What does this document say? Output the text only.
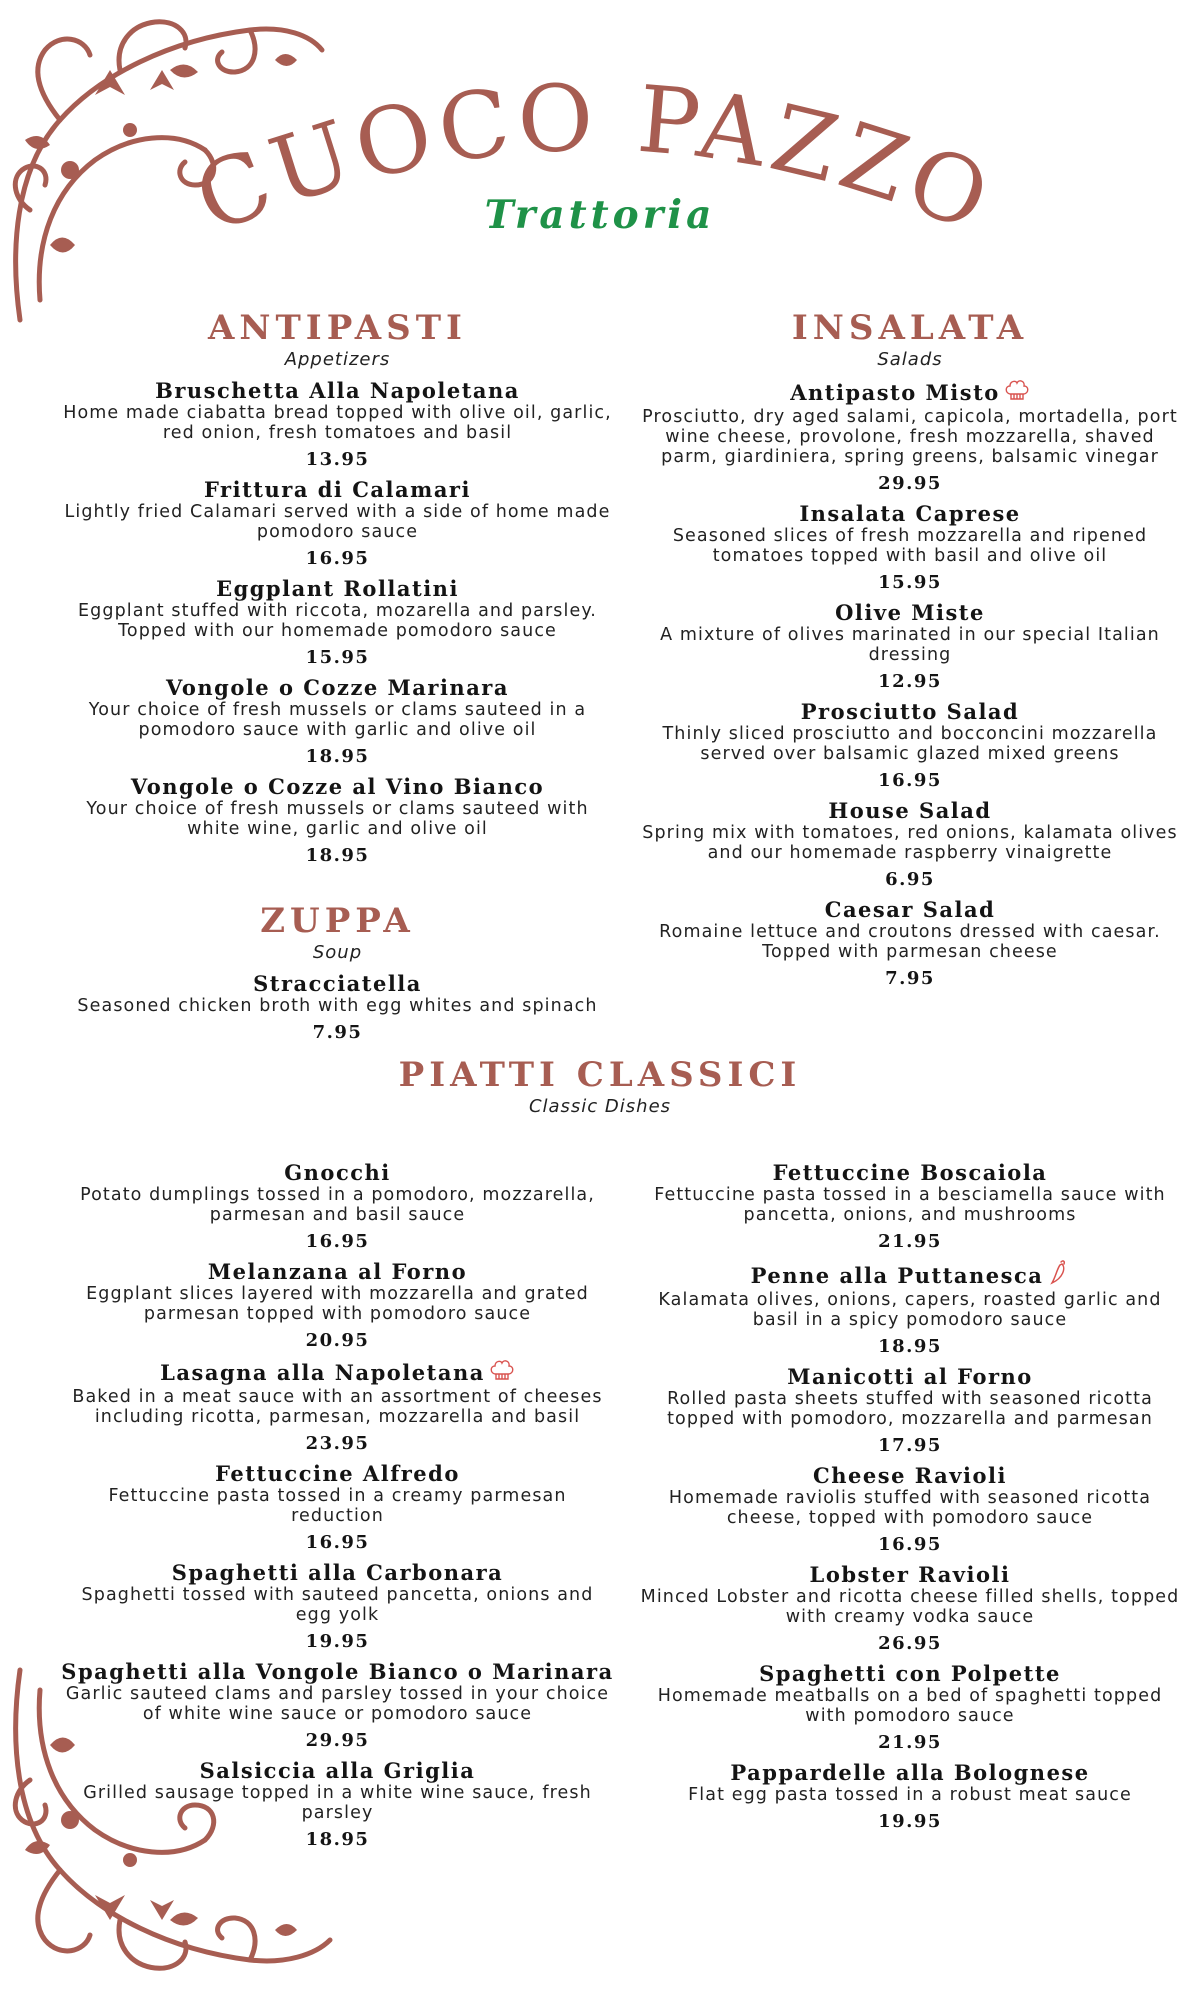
CUOCO PAZZO
Trattoria
ANTIPASTI
Appetizers
Bruschetta Alla Napoletana
Home made ciabatta bread topped with olive oil, garlic, red onion, fresh tomatoes and basil
13.95
Frittura di Calamari
Lightly fried Calamari served with a side of home made pomodoro sauce
16.95
Eggplant Rollatini
Eggplant stuffed with riccota, mozarella and parsley. Topped with our homemade pomodoro sauce
15.95
Vongole o Cozze Marinara
Your choice of fresh mussels or clams sauteed in a pomodoro sauce with garlic and olive oil
18.95
Vongole o Cozze al Vino Bianco
Your choice of fresh mussels or clams sauteed with white wine, garlic and olive oil
18.95
ZUPPA
Soup
Stracciatella
Seasoned chicken broth with egg whites and spinach
7.95
INSALATA
Salads
Antipasto Misto
Prosciutto, dry aged salami, capicola, mortadella, port wine cheese, provolone, fresh mozzarella, shaved parm, giardiniera, spring greens, balsamic vinegar
29.95
Insalata Caprese
Seasoned slices of fresh mozzarella and ripened tomatoes topped with basil and olive oil
15.95
Olive Miste
A mixture of olives marinated in our special Italian dressing
12.95
Prosciutto Salad
Thinly sliced prosciutto and bocconcini mozzarella served over balsamic glazed mixed greens
16.95
House Salad
Spring mix with tomatoes, red onions, kalamata olives and our homemade raspberry vinaigrette
6.95
Caesar Salad
Romaine lettuce and croutons dressed with caesar. Topped with parmesan cheese
7.95
PIATTI CLASSICI
Classic Dishes
Gnocchi
Potato dumplings tossed in a pomodoro, mozzarella, parmesan and basil sauce
16.95
Melanzana al Forno
Eggplant slices layered with mozzarella and grated parmesan topped with pomodoro sauce
20.95
Lasagna alla Napoletana
Baked in a meat sauce with an assortment of cheeses including ricotta, parmesan, mozzarella and basil
23.95
Fettuccine Alfredo
Fettuccine pasta tossed in a creamy parmesan reduction
16.95
Spaghetti alla Carbonara
Spaghetti tossed with sauteed pancetta, onions and egg yolk
19.95
Spaghetti alla Vongole Bianco o Marinara
Garlic sauteed clams and parsley tossed in your choice of white wine sauce or pomodoro sauce
29.95
Salsiccia alla Griglia
Grilled sausage topped in a white wine sauce, fresh parsley
18.95
Fettuccine Boscaiola
Fettuccine pasta tossed in a besciamella sauce with pancetta, onions, and mushrooms
21.95
Penne alla Puttanesca
Kalamata olives, onions, capers, roasted garlic and basil in a spicy pomodoro sauce
18.95
Manicotti al Forno
Rolled pasta sheets stuffed with seasoned ricotta topped with pomodoro, mozzarella and parmesan
17.95
Cheese Ravioli
Homemade raviolis stuffed with seasoned ricotta cheese, topped with pomodoro sauce
16.95
Lobster Ravioli
Minced Lobster and ricotta cheese filled shells, topped with creamy vodka sauce
26.95
Spaghetti con Polpette
Homemade meatballs on a bed of spaghetti topped with pomodoro sauce
21.95
Pappardelle alla Bolognese
Flat egg pasta tossed in a robust meat sauce
19.95
